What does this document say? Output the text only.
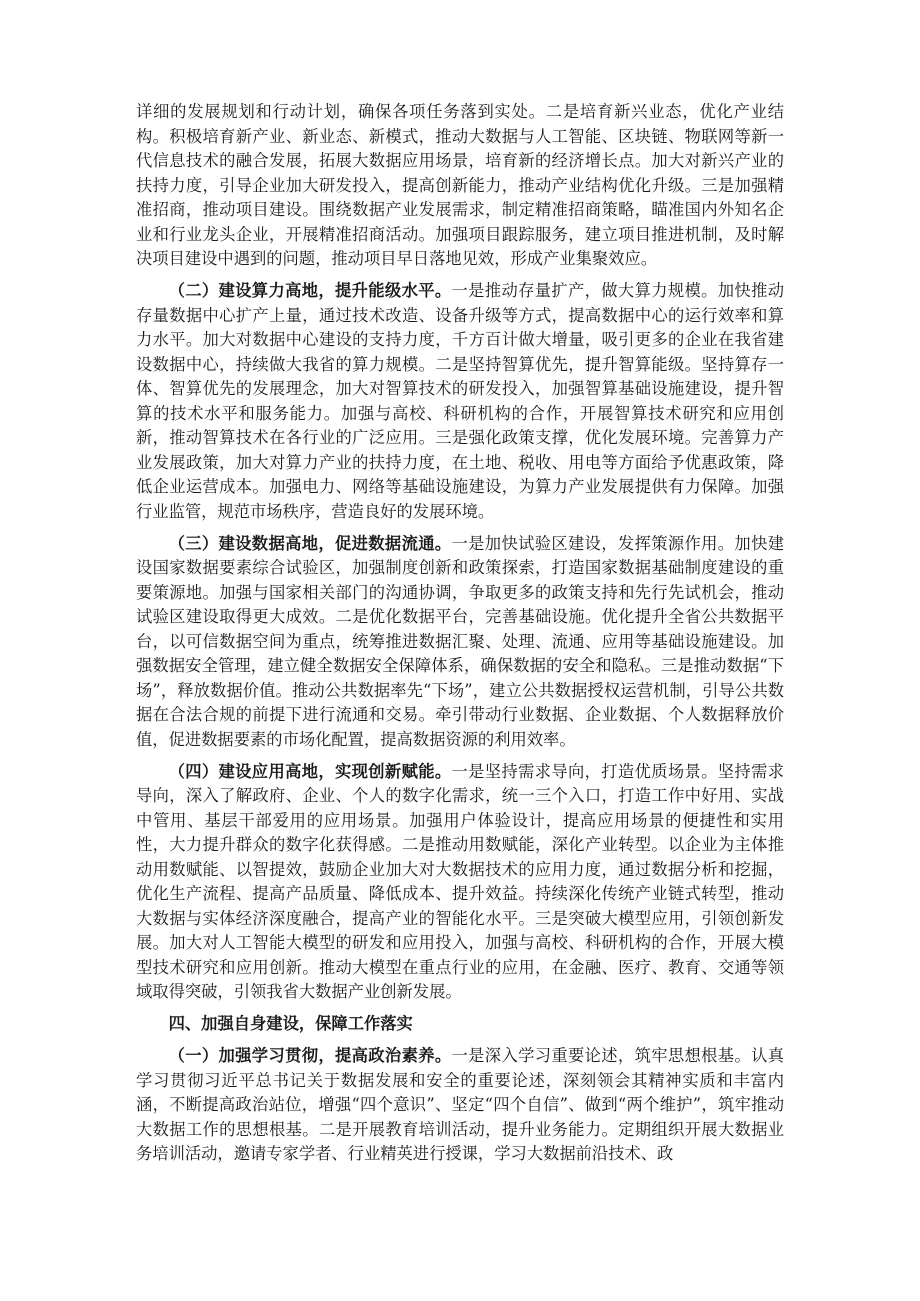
详细的发展规划和行动计划，确保各项任务落到实处。二是培育新兴业态，优化产业结构。积极培育新产业、新业态、新模式，推动大数据与人工智能、区块链、物联网等新一代信息技术的融合发展，拓展大数据应用场景，培育新的经济增长点。加大对新兴产业的扶持力度，引导企业加大研发投入，提高创新能力，推动产业结构优化升级。三是加强精准招商，推动项目建设。围绕数据产业发展需求，制定精准招商策略，瞄准国内外知名企业和行业龙头企业，开展精准招商活动。加强项目跟踪服务，建立项目推进机制，及时解决项目建设中遇到的问题，推动项目早日落地见效，形成产业集聚效应。

（二）建设算力高地，提升能级水平。一是推动存量扩产，做大算力规模。加快推动存量数据中心扩产上量，通过技术改造、设备升级等方式，提高数据中心的运行效率和算力水平。加大对数据中心建设的支持力度，千方百计做大增量，吸引更多的企业在我省建设数据中心，持续做大我省的算力规模。二是坚持智算优先，提升智算能级。坚持算存一体、智算优先的发展理念，加大对智算技术的研发投入，加强智算基础设施建设，提升智算的技术水平和服务能力。加强与高校、科研机构的合作，开展智算技术研究和应用创新，推动智算技术在各行业的广泛应用。三是强化政策支撑，优化发展环境。完善算力产业发展政策，加大对算力产业的扶持力度，在土地、税收、用电等方面给予优惠政策，降低企业运营成本。加强电力、网络等基础设施建设，为算力产业发展提供有力保障。加强行业监管，规范市场秩序，营造良好的发展环境。

（三）建设数据高地，促进数据流通。一是加快试验区建设，发挥策源作用。加快建设国家数据要素综合试验区，加强制度创新和政策探索，打造国家数据基础制度建设的重要策源地。加强与国家相关部门的沟通协调，争取更多的政策支持和先行先试机会，推动试验区建设取得更大成效。二是优化数据平台，完善基础设施。优化提升全省公共数据平台，以可信数据空间为重点，统筹推进数据汇聚、处理、流通、应用等基础设施建设。加强数据安全管理，建立健全数据安全保障体系，确保数据的安全和隐私。三是推动数据“下场”，释放数据价值。推动公共数据率先“下场”，建立公共数据授权运营机制，引导公共数据在合法合规的前提下进行流通和交易。牵引带动行业数据、企业数据、个人数据释放价值，促进数据要素的市场化配置，提高数据资源的利用效率。

（四）建设应用高地，实现创新赋能。一是坚持需求导向，打造优质场景。坚持需求导向，深入了解政府、企业、个人的数字化需求，统一三个入口，打造工作中好用、实战中管用、基层干部爱用的应用场景。加强用户体验设计，提高应用场景的便捷性和实用性，大力提升群众的数字化获得感。二是推动用数赋能，深化产业转型。以企业为主体推动用数赋能、以智提效，鼓励企业加大对大数据技术的应用力度，通过数据分析和挖掘，优化生产流程、提高产品质量、降低成本、提升效益。持续深化传统产业链式转型，推动大数据与实体经济深度融合，提高产业的智能化水平。三是突破大模型应用，引领创新发展。加大对人工智能大模型的研发和应用投入，加强与高校、科研机构的合作，开展大模型技术研究和应用创新。推动大模型在重点行业的应用，在金融、医疗、教育、交通等领域取得突破，引领我省大数据产业创新发展。

四、加强自身建设，保障工作落实

（一）加强学习贯彻，提高政治素养。一是深入学习重要论述，筑牢思想根基。认真学习贯彻习近平总书记关于数据发展和安全的重要论述，深刻领会其精神实质和丰富内涵，不断提高政治站位，增强“四个意识”、坚定“四个自信”、做到“两个维护”，筑牢推动大数据工作的思想根基。二是开展教育培训活动，提升业务能力。定期组织开展大数据业务培训活动，邀请专家学者、行业精英进行授课，学习大数据前沿技术、政
